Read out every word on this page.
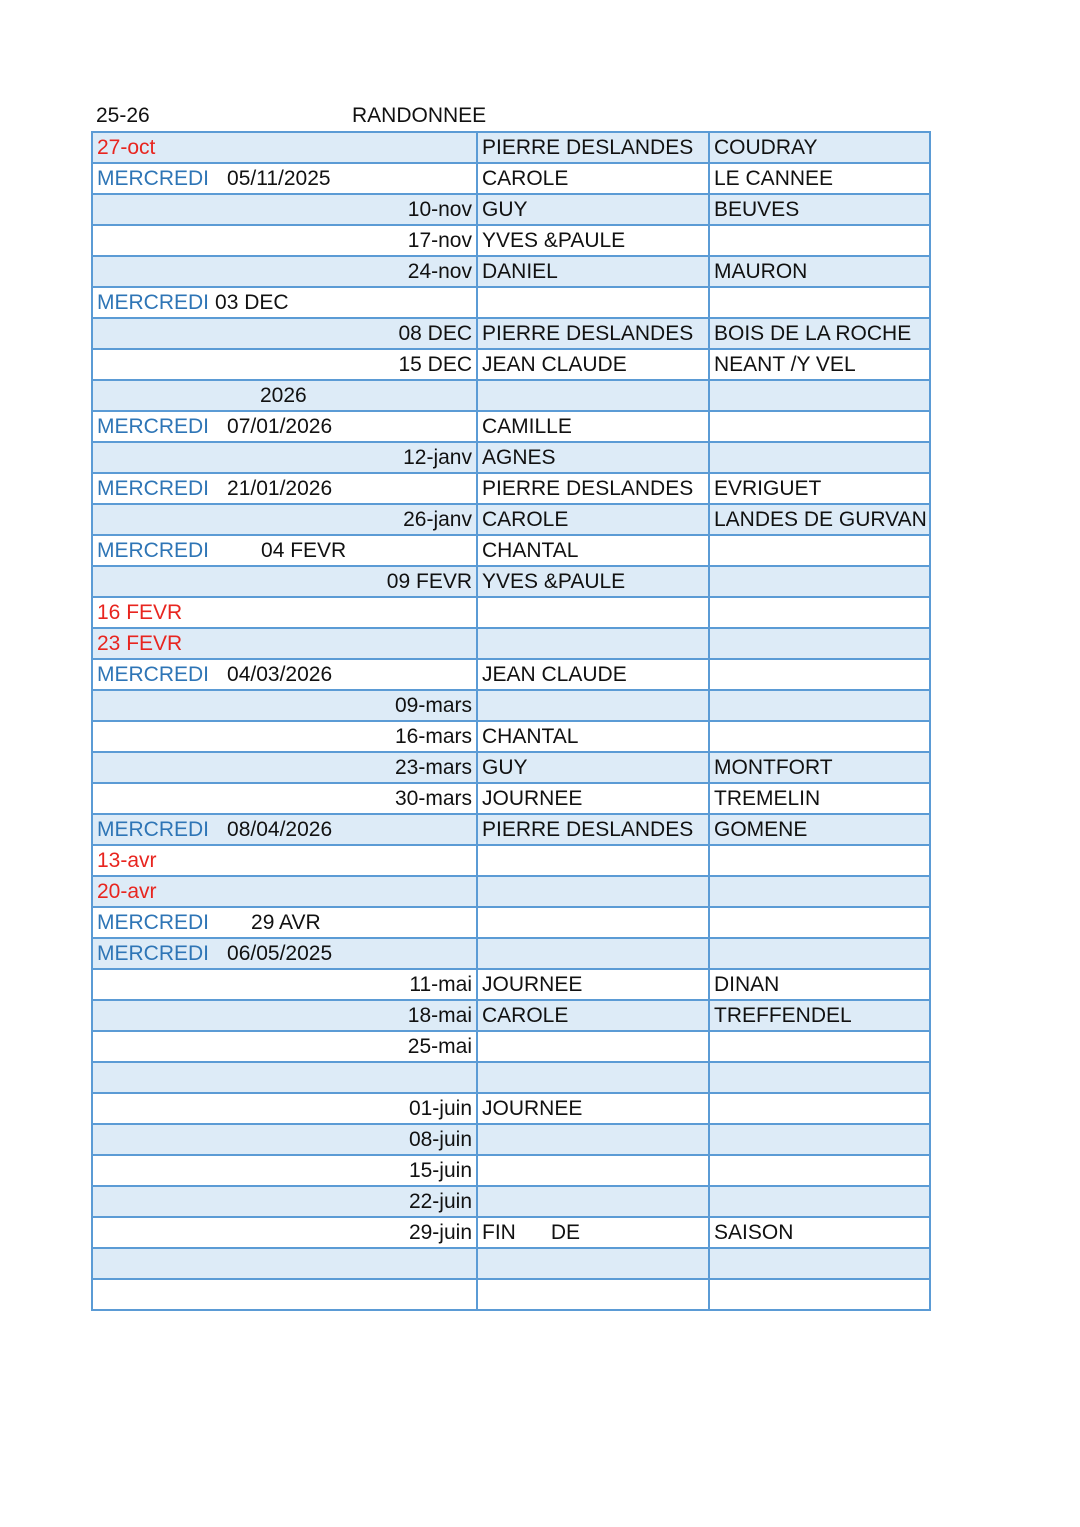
25-26	RANDONNEE
27-oct	PIERRE DESLANDES	COUDRAY
MERCREDI 05/11/2025	CAROLE	LE CANNEE
10-nov	GUY	BEUVES
17-nov	YVES &PAULE	
24-nov	DANIEL	MAURON
MERCREDI 03 DEC		
08 DEC	PIERRE DESLANDES	BOIS DE LA ROCHE
15 DEC	JEAN CLAUDE	NEANT /Y VEL
2026		
MERCREDI 07/01/2026	CAMILLE	
12-janv	AGNES	
MERCREDI 21/01/2026	PIERRE DESLANDES	EVRIGUET
26-janv	CAROLE	LANDES DE GURVAN
MERCREDI 04 FEVR	CHANTAL	
09 FEVR	YVES &PAULE	
16 FEVR		
23 FEVR		
MERCREDI 04/03/2026	JEAN CLAUDE	
09-mars		
16-mars	CHANTAL	
23-mars	GUY	MONTFORT
30-mars	JOURNEE	TREMELIN
MERCREDI 08/04/2026	PIERRE DESLANDES	GOMENE
13-avr		
20-avr		
MERCREDI 29 AVR		
MERCREDI 06/05/2025		
11-mai	JOURNEE	DINAN
18-mai	CAROLE	TREFFENDEL
25-mai		

01-juin	JOURNEE	
08-juin		
15-juin		
22-juin		
29-juin	FIN      DE	SAISON
